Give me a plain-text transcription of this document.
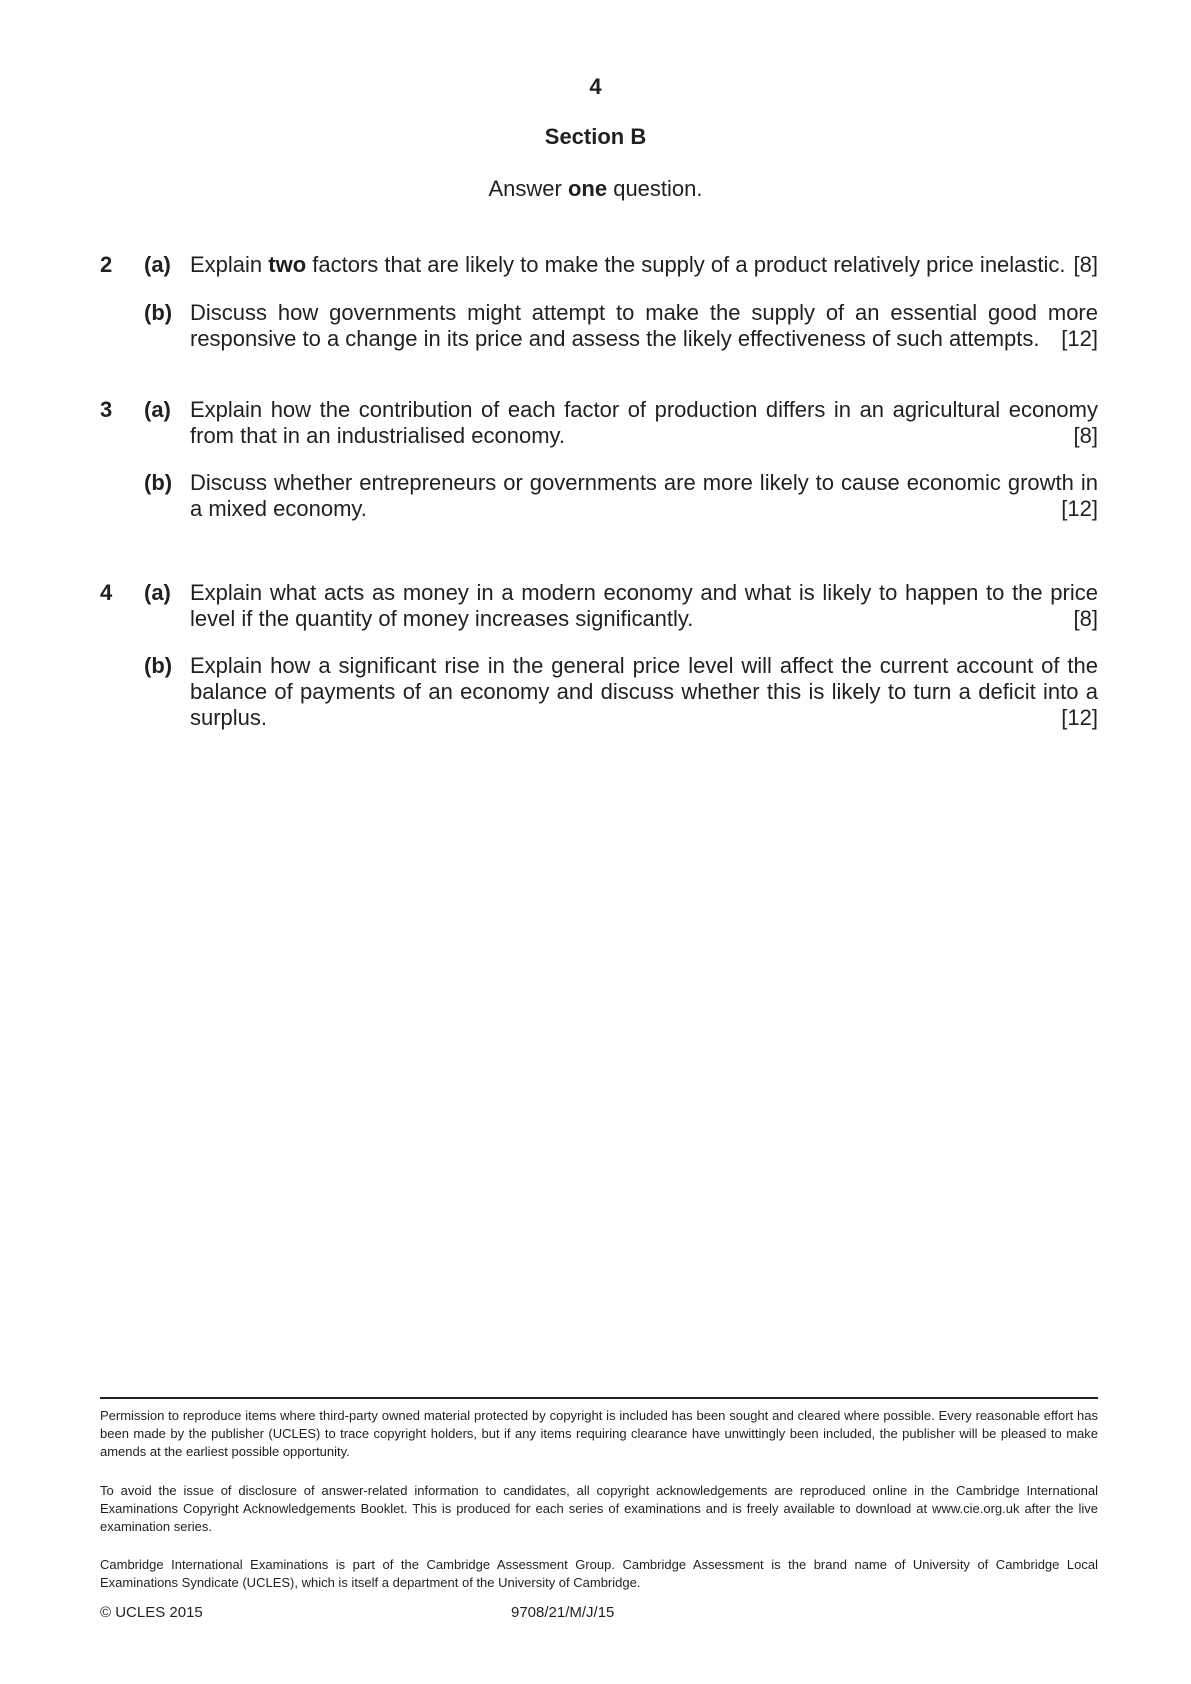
4
Section B
Answer one question.
2 (a) Explain two factors that are likely to make the supply of a product relatively price inelastic. [8]
(b) Discuss how governments might attempt to make the supply of an essential good more
responsive to a change in its price and assess the likely effectiveness of such attempts. [12]
3 (a) Explain how the contribution of each factor of production differs in an agricultural economy
from that in an industrialised economy.	[8]
(b) Discuss whether entrepreneurs or governments are more likely to cause economic growth in
a mixed economy.	[12]
4 (a) Explain what acts as money in a modern economy and what is likely to happen to the price
level if the quantity of money increases significantly.	[8]
(b) Explain how a significant rise in the general price level will affect the current account of the
balance of payments of an economy and discuss whether this is likely to turn a deficit into a
surplus.	[12]
Permission to reproduce items where third-party owned material protected by copyright is included has been sought and cleared where possible. Every reasonable effort has been made by the publisher (UCLES) to trace copyright holders, but if any items requiring clearance have unwittingly been included, the publisher will be pleased to make amends at the earliest possible opportunity.
To avoid the issue of disclosure of answer-related information to candidates, all copyright acknowledgements are reproduced online in the Cambridge International Examinations Copyright Acknowledgements Booklet. This is produced for each series of examinations and is freely available to download at www.cie.org.uk after the live examination series.
Cambridge International Examinations is part of the Cambridge Assessment Group. Cambridge Assessment is the brand name of University of Cambridge Local Examinations Syndicate (UCLES), which is itself a department of the University of Cambridge.
© UCLES 2015	9708/21/M/J/15
